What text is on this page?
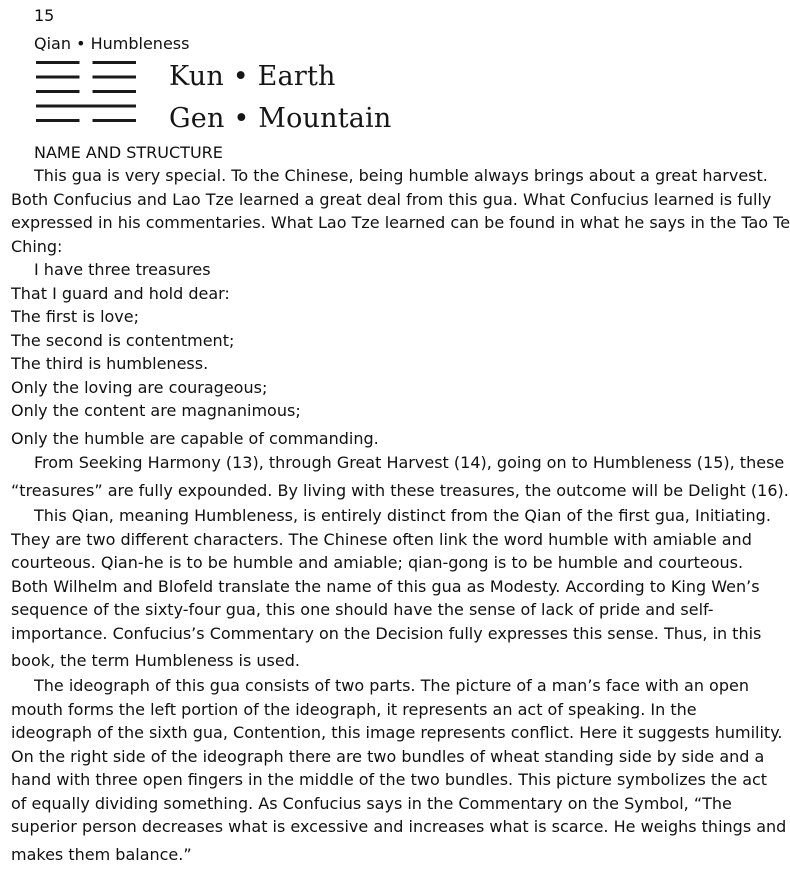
15
Qian • Humbleness
Kun • Earth
Gen • Mountain
NAME AND STRUCTURE
This gua is very special. To the Chinese, being humble always brings about a great harvest.
Both Confucius and Lao Tze learned a great deal from this gua. What Confucius learned is fully
expressed in his commentaries. What Lao Tze learned can be found in what he says in the Tao Te
Ching:
I have three treasures
That I guard and hold dear:
The first is love;
The second is contentment;
The third is humbleness.
Only the loving are courageous;
Only the content are magnanimous;
Only the humble are capable of commanding.
From Seeking Harmony (13), through Great Harvest (14), going on to Humbleness (15), these
“treasures” are fully expounded. By living with these treasures, the outcome will be Delight (16).
This Qian, meaning Humbleness, is entirely distinct from the Qian of the first gua, Initiating.
They are two different characters. The Chinese often link the word humble with amiable and
courteous. Qian-he is to be humble and amiable; qian-gong is to be humble and courteous.
Both Wilhelm and Blofeld translate the name of this gua as Modesty. According to King Wen’s
sequence of the sixty-four gua, this one should have the sense of lack of pride and self-
importance. Confucius’s Commentary on the Decision fully expresses this sense. Thus, in this
book, the term Humbleness is used.
The ideograph of this gua consists of two parts. The picture of a man’s face with an open
mouth forms the left portion of the ideograph, it represents an act of speaking. In the
ideograph of the sixth gua, Contention, this image represents conflict. Here it suggests humility.
On the right side of the ideograph there are two bundles of wheat standing side by side and a
hand with three open fingers in the middle of the two bundles. This picture symbolizes the act
of equally dividing something. As Confucius says in the Commentary on the Symbol, “The
superior person decreases what is excessive and increases what is scarce. He weighs things and
makes them balance.”
